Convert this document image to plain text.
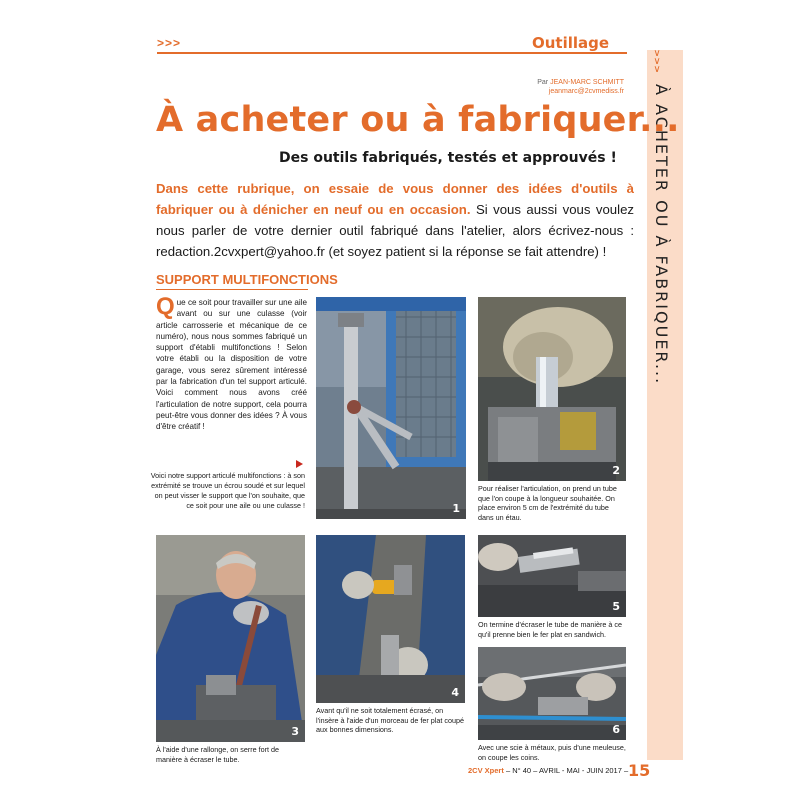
>>>	Outillage
∨
∨
∨
À ACHETER OU À FABRIQUER...
Par JEAN-MARC SCHMITT
jeanmarc@2cvmediss.fr
À acheter ou à fabriquer...
Des outils fabriqués, testés et approuvés !

Dans cette rubrique, on essaie de vous donner des idées d'outils à fabriquer ou à dénicher en neuf ou en occasion. Si vous aussi vous voulez nous parler de votre dernier outil fabriqué dans l'atelier, alors écrivez-nous : redaction.2cvxpert@yahoo.fr (et soyez patient si la réponse se fait attendre) !

SUPPORT MULTIFONCTIONS

Que ce soit pour travailler sur une aile avant ou sur une culasse (voir article carrosserie et mécanique de ce numéro), nous nous sommes fabriqué un support d'établi multifonctions ! Selon votre établi ou la disposition de votre garage, vous serez sûrement intéressé par la fabrication d'un tel support articulé. Voici comment nous avons créé l'articulation de notre support, cela pourra peut-être vous donner des idées ? À vous d'être créatif !

Voici notre support articulé multifonctions : à son extrémité se trouve un écrou soudé et sur lequel on peut visser le support que l'on souhaite, que ce soit pour une aile ou une culasse !	1
2

Pour réaliser l'articulation, on prend un tube que l'on coupe à la longueur souhaitée. On place environ 5 cm de l'extrémité du tube dans un étau.

3

À l'aide d'une rallonge, on serre fort de manière à écraser le tube.

4

Avant qu'il ne soit totalement écrasé, on l'insère à l'aide d'un morceau de fer plat coupé aux bonnes dimensions.

5

On termine d'écraser le tube de manière à ce qu'il prenne bien le fer plat en sandwich.

6

Avec une scie à métaux, puis d'une meuleuse, on coupe les coins.

2CV Xpert – N° 40 – AVRIL - MAI - JUIN 2017 – 15
